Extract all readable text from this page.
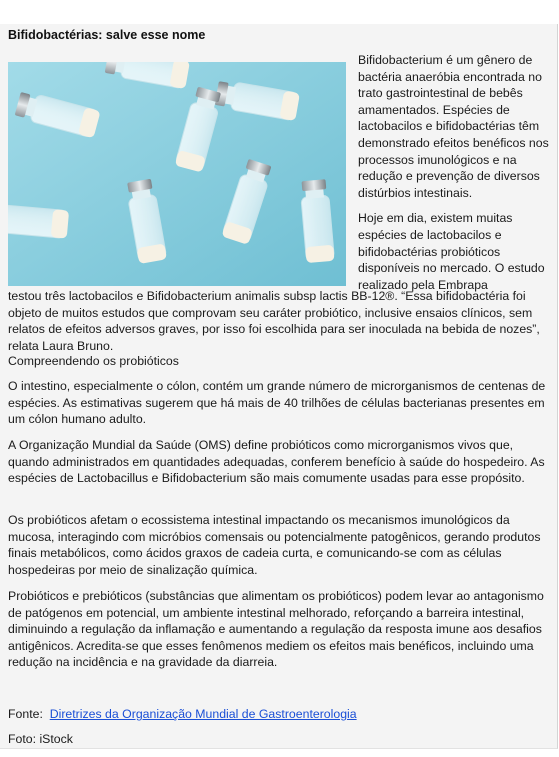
Bifidobactérias: salve esse nome

Bifidobacterium é um gênero de bactéria anaeróbia encontrada no trato gastrointestinal de bebês amamentados. Espécies de lactobacilos e bifidobactérias têm demonstrado efeitos benéficos nos processos imunológicos e na redução e prevenção de diversos distúrbios intestinais.

Hoje em dia, existem muitas espécies de lactobacilos e bifidobactérias probióticos disponíveis no mercado. O estudo realizado pela Embrapa

testou três lactobacilos e Bifidobacterium animalis subsp lactis BB-12®. “Essa bifidobactéria foi objeto de muitos estudos que comprovam seu caráter probiótico, inclusive ensaios clínicos, sem relatos de efeitos adversos graves, por isso foi escolhida para ser inoculada na bebida de nozes”, relata Laura Bruno.

Compreendendo os probióticos

O intestino, especialmente o cólon, contém um grande número de microrganismos de centenas de espécies. As estimativas sugerem que há mais de 40 trilhões de células bacterianas presentes em um cólon humano adulto.

A Organização Mundial da Saúde (OMS) define probióticos como microrganismos vivos que, quando administrados em quantidades adequadas, conferem benefício à saúde do hospedeiro. As espécies de Lactobacillus e Bifidobacterium são mais comumente usadas para esse propósito.

Os probióticos afetam o ecossistema intestinal impactando os mecanismos imunológicos da mucosa, interagindo com micróbios comensais ou potencialmente patogênicos, gerando produtos finais metabólicos, como ácidos graxos de cadeia curta, e comunicando-se com as células hospedeiras por meio de sinalização química.

Probióticos e prebióticos (substâncias que alimentam os probióticos) podem levar ao antagonismo de patógenos em potencial, um ambiente intestinal melhorado, reforçando a barreira intestinal, diminuindo a regulação da inflamação e aumentando a regulação da resposta imune aos desafios antigênicos. Acredita-se que esses fenômenos mediem os efeitos mais benéficos, incluindo uma redução na incidência e na gravidade da diarreia.

Fonte: Diretrizes da Organização Mundial de Gastroenterologia
Foto: iStock
